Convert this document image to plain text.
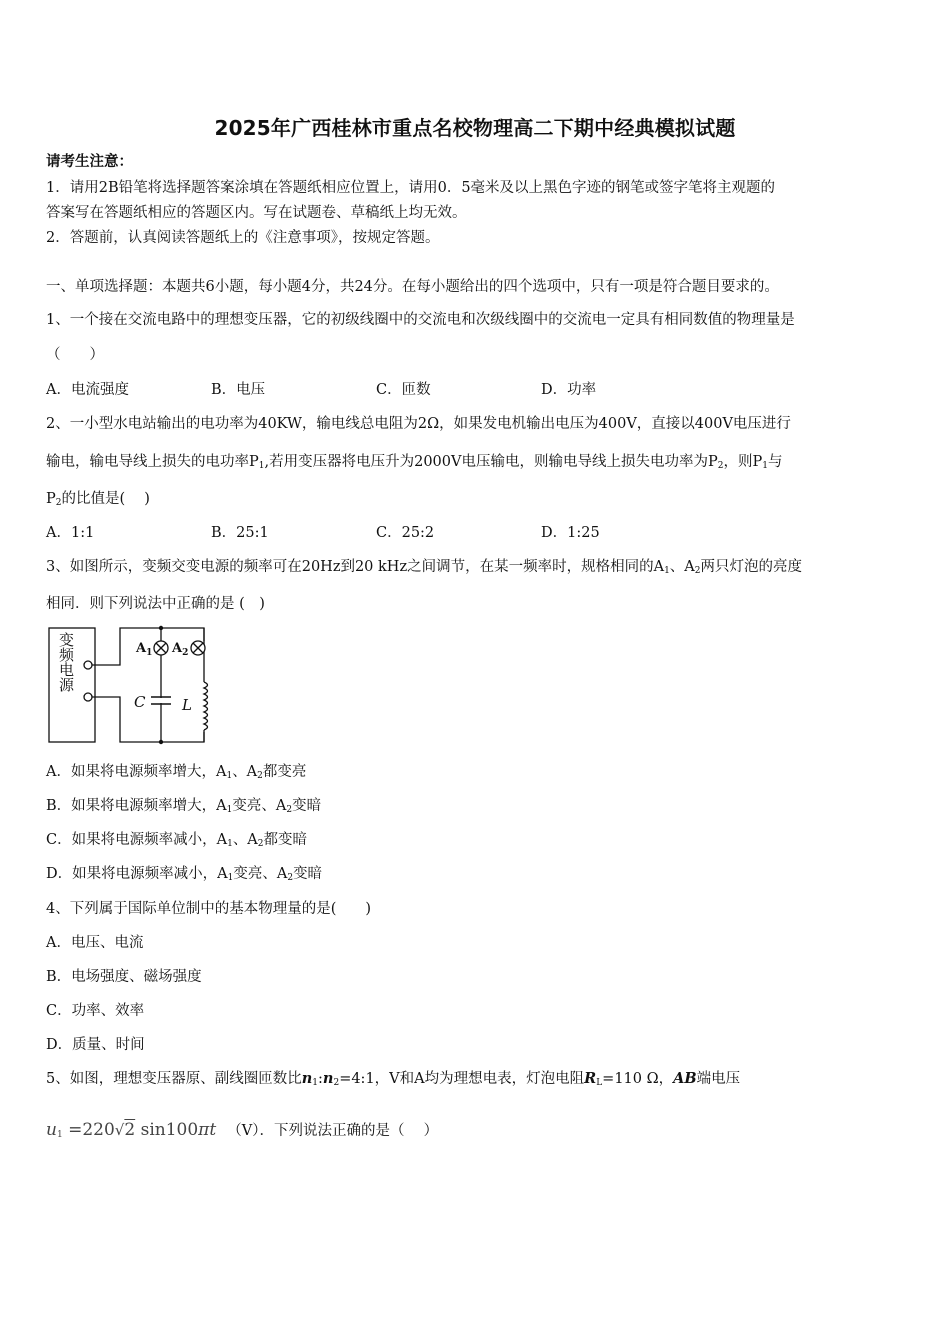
2025年广西桂林市重点名校物理高二下期中经典模拟试题
请考生注意：
1．请用2B铅笔将选择题答案涂填在答题纸相应位置上，请用0．5毫米及以上黑色字迹的钢笔或签字笔将主观题的
答案写在答题纸相应的答题区内。写在试题卷、草稿纸上均无效。
2．答题前，认真阅读答题纸上的《注意事项》，按规定答题。
一、单项选择题：本题共6小题，每小题4分，共24分。在每小题给出的四个选项中，只有一项是符合题目要求的。
1、一个接在交流电路中的理想变压器，它的初级线圈中的交流电和次级线圈中的交流电一定具有相同数值的物理量是
（　　）
A．电流强度	B．电压	C．匝数	D．功率
2、一小型水电站输出的电功率为40KW，输电线总电阻为2Ω，如果发电机输出电压为400V，直接以400V电压进行
输电，输电导线上损失的电功率$P_1$,若用变压器将电压升为2000V电压输电，则输电导线上损失电功率为$P_2$，则$P_1$与
$P_2$的比值是(　 )
A．1:1	B．25:1	C．25:2	D．1:25
3、如图所示，变频交变电源的频率可在20Hz到20 kHz之间调节，在某一频率时，规格相同的$A_1$、$A_2$两只灯泡的亮度
相同．则下列说法中正确的是 (　)
变频电源	$A_1$ $A_2$
C L
A．如果将电源频率增大，$A_1$、$A_2$都变亮
B．如果将电源频率增大，$A_1$变亮、$A_2$变暗
C．如果将电源频率减小，$A_1$、$A_2$都变暗
D．如果将电源频率减小，$A_1$变亮、$A_2$变暗
4、下列属于国际单位制中的基本物理量的是(　　)
A．电压、电流
B．电场强度、磁场强度
C．功率、效率
D．质量、时间
5、如图，理想变压器原、副线圈匝数比$n_1:n_2=4:1$，V和A均为理想电表，灯泡电阻$R_L=110$ Ω，AB端电压
$u_1 =220√2$ sin100πt （V）．下列说法正确的是（　 ）
